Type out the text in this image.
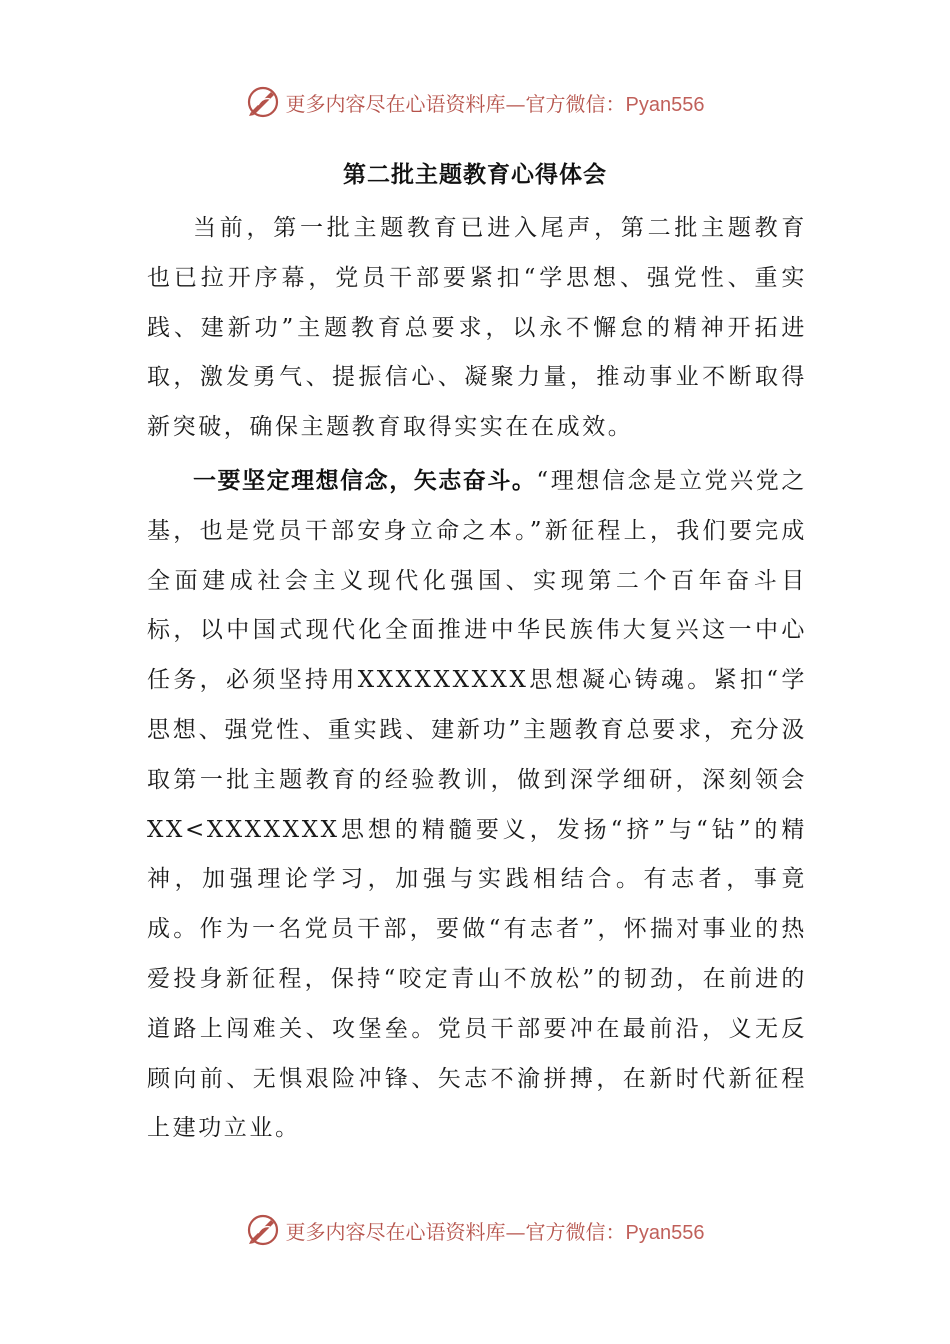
更多内容尽在心语资料库—官方微信：Pyan556
第二批主题教育心得体会

当前，第一批主题教育已进入尾声，第二批主题教育也已拉开序幕，党员干部要紧扣“学思想、强党性、重实践、建新功”主题教育总要求，以永不懈怠的精神开拓进取，激发勇气、提振信心、凝聚力量，推动事业不断取得新突破，确保主题教育取得实实在在成效。

一要坚定理想信念，矢志奋斗。“理想信念是立党兴党之基，也是党员干部安身立命之本。”新征程上，我们要完成全面建成社会主义现代化强国、实现第二个百年奋斗目标，以中国式现代化全面推进中华民族伟大复兴这一中心任务，必须坚持用XXXXXXXXX思想凝心铸魂。紧扣“学思想、强党性、重实践、建新功”主题教育总要求，充分汲取第一批主题教育的经验教训，做到深学细研，深刻领会XX<XXXXXXX思想的精髓要义，发扬“挤”与“钻”的精神，加强理论学习，加强与实践相结合。有志者，事竟成。作为一名党员干部，要做“有志者”，怀揣对事业的热爱投身新征程，保持“咬定青山不放松”的韧劲，在前进的道路上闯难关、攻堡垒。党员干部要冲在最前沿，义无反顾向前、无惧艰险冲锋、矢志不渝拼搏，在新时代新征程上建功立业。

更多内容尽在心语资料库—官方微信：Pyan556
